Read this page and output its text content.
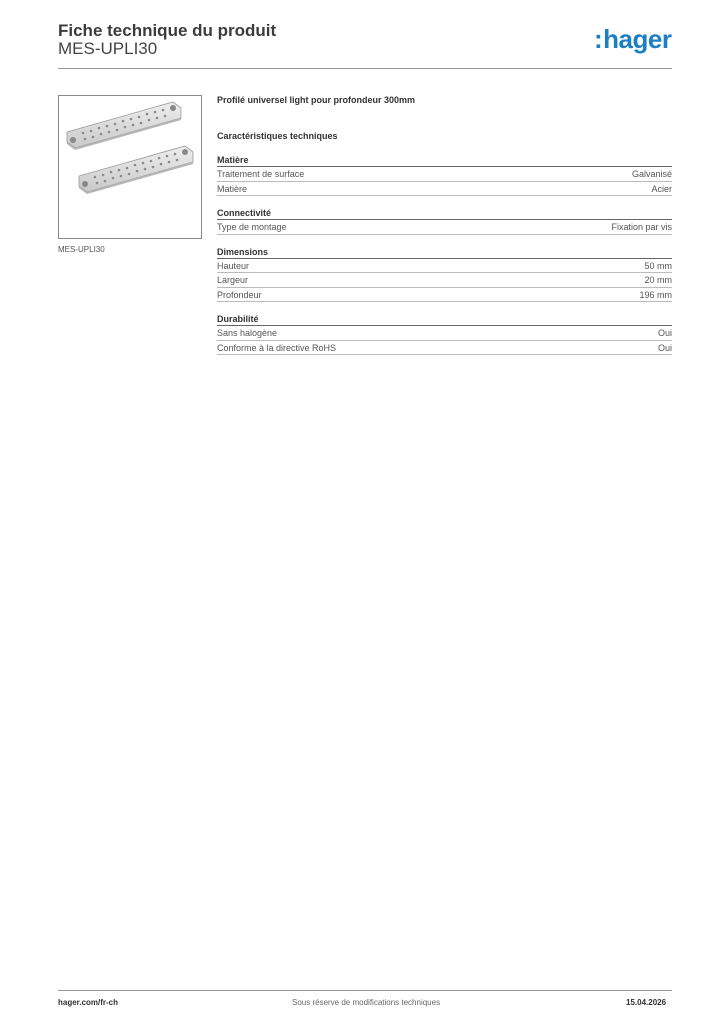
Fiche technique du produit
MES-UPLI30	:hager
MES-UPLI30
Profilé universel light pour profondeur 300mm
Caractéristiques techniques
Matière
Traitement de surface	Galvanisé
Matière	Acier
Connectivité
Type de montage	Fixation par vis
Dimensions
Hauteur	50 mm
Largeur	20 mm
Profondeur	196 mm
Durabilité
Sans halogène	Oui
Conforme à la directive RoHS	Oui
hager.com/fr-ch	Sous réserve de modifications techniques	15.04.2026
